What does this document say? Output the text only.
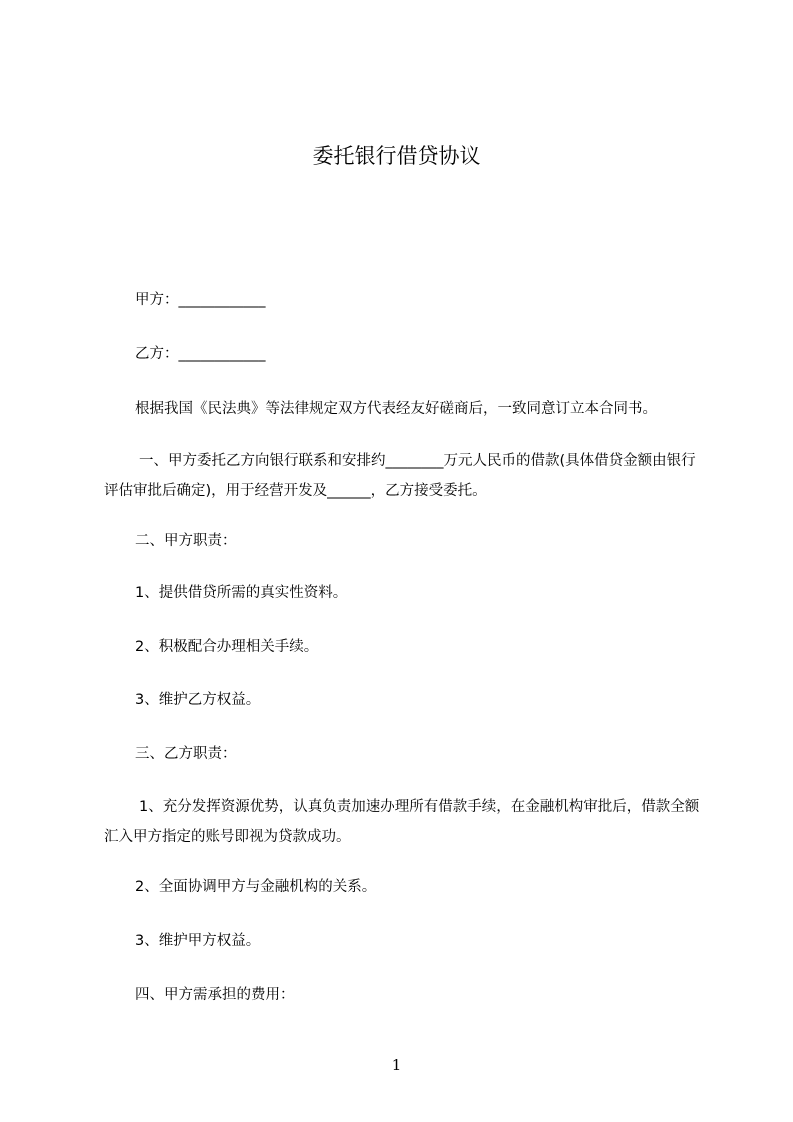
委托银行借贷协议
甲方：____________
乙方：____________
根据我国《民法典》等法律规定双方代表经友好磋商后，一致同意订立本合同书。
一、甲方委托乙方向银行联系和安排约________万元人民币的借款(具体借贷金额由银行评估审批后确定)，用于经营开发及______，乙方接受委托。
二、甲方职责：
1、提供借贷所需的真实性资料。
2、积极配合办理相关手续。
3、维护乙方权益。
三、乙方职责：
1、充分发挥资源优势，认真负责加速办理所有借款手续，在金融机构审批后，借款全额汇入甲方指定的账号即视为贷款成功。
2、全面协调甲方与金融机构的关系。
3、维护甲方权益。
四、甲方需承担的费用：
1
